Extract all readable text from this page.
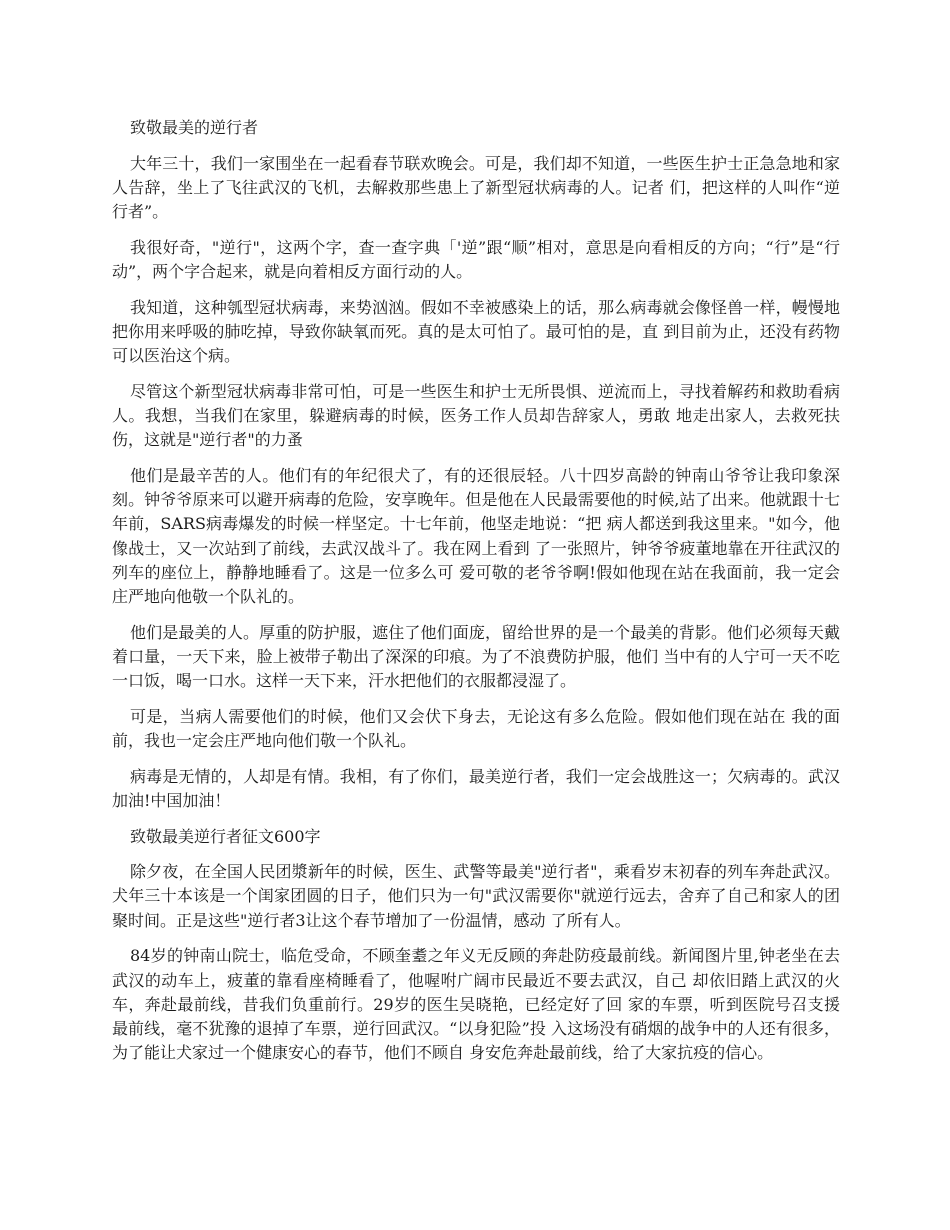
致敬最美的逆行者

大年三十，我们一家围坐在一起看春节联欢晚会。可是，我们却不知道，一些医生护士正急急地和家人告辞，坐上了飞往武汉的飞机，去解救那些患上了新型冠状病毒的人。记者 们，把这样的人叫作“逆行者”。

我很好奇，"逆行"，这两个字，查一查字典「'逆”跟“顺”相对，意思是向看相反的方向；“行”是“行动”，两个字合起来，就是向着相反方面行动的人。

我知道，这种瓠型冠状病毒，来势汹汹。假如不幸被感染上的话，那么病毒就会像怪兽一样，幔慢地把你用来呼吸的肺吃掉，导致你缺氧而死。真的是太可怕了。最可怕的是，直 到目前为止，还没有药物可以医治这个病。

尽管这个新型冠状病毒非常可怕，可是一些医生和护士无所畏惧、逆流而上，寻找着解药和救助看病人。我想，当我们在家里，躲避病毒的时候，医务工作人员却告辞家人，勇敢 地走出家人，去救死扶伤，这就是"逆行者"的力蚤

他们是最辛苦的人。他们有的年纪很犬了，有的还很辰轻。八十四岁高龄的钟南山爷爷让我印象深刻。钟爷爷原来可以避开病毒的危险，安享晚年。但是他在人民最需要他的时候,站了出来。他就跟十七年前，SARS病毒爆发的时候一样坚定。十七年前，他坚走地说：“把 病人都送到我这里来。"如今，他像战士，又一次站到了前线，去武汉战斗了。我在网上看到 了一张照片，钟爷爷疲董地靠在开往武汉的列车的座位上，静静地睡看了。这是一位多么可 爱可敬的老爷爷啊!假如他现在站在我面前，我一定会庄严地向他敬一个队礼的。

他们是最美的人。厚重的防护服，遮住了他们面庞，留给世界的是一个最美的背影。他们必须每天戴着口量，一天下来，脸上被带子勒出了深深的印痕。为了不浪费防护服，他们 当中有的人宁可一天不吃一口饭，喝一口水。这样一天下来，汗水把他们的衣服都浸湿了。

可是，当病人需要他们的时候，他们又会伏下身去，无论这有多么危险。假如他们现在站在 我的面前，我也一定会庄严地向他们敬一个队礼。

病毒是无情的，人却是有情。我相，有了你们，最美逆行者，我们一定会战胜这一；欠病毒的。武汉加油!中国加油！

致敬最美逆行者征文600字

除夕夜，在全国人民团漿新年的时候，医生、武警等最美"逆行者"，乘看岁末初春的列车奔赴武汉。犬年三十本该是一个闺家团圆的日子，他们只为一句"武汉需要你"就逆行远去，舍弃了自己和家人的团聚时间。正是这些"逆行者3让这个春节增加了一份温情，感动 了所有人。

84岁的钟南山院士，临危受命，不顾奎耋之年义无反顾的奔赴防疫最前线。新闻图片里,钟老坐在去武汉的动车上，疲董的靠看座椅睡看了，他喔咐广阔市民最近不要去武汉，自己 却依旧踏上武汉的火车，奔赴最前线，昔我们负重前行。29岁的医生吴晓艳，已经定好了回 家的车票，听到医院号召支援最前线，毫不犹豫的退掉了车票，逆行回武汉。“以身犯险”投 入这场没有硝烟的战争中的人还有很多，为了能让犬家过一个健康安心的春节，他们不顾自 身安危奔赴最前线，给了大家抗疫的信心。
